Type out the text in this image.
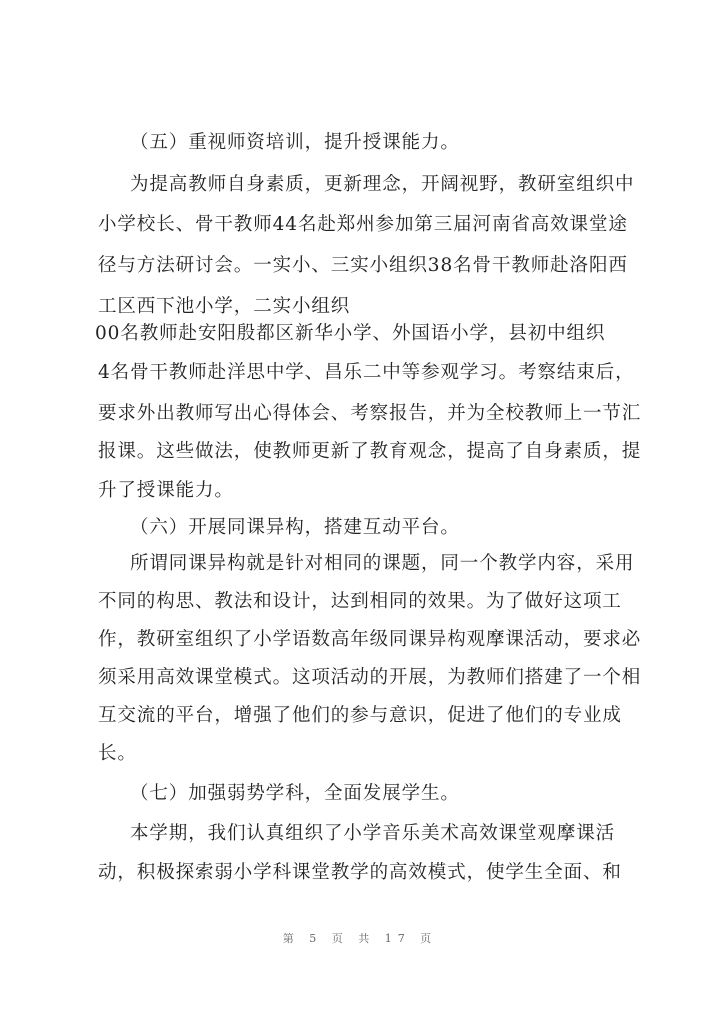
（五）重视师资培训，提升授课能力。
为提高教师自身素质，更新理念，开阔视野，教研室组织中
小学校长、骨干教师44名赴郑州参加第三届河南省高效课堂途
径与方法研讨会。一实小、三实小组织38名骨干教师赴洛阳西
工区西下池小学，二实小组织
00名教师赴安阳殷都区新华小学、外国语小学，县初中组织
4名骨干教师赴洋思中学、昌乐二中等参观学习。考察结束后，
要求外出教师写出心得体会、考察报告，并为全校教师上一节汇
报课。这些做法，使教师更新了教育观念，提高了自身素质，提
升了授课能力。
（六）开展同课异构，搭建互动平台。
所谓同课异构就是针对相同的课题，同一个教学内容，采用
不同的构思、教法和设计，达到相同的效果。为了做好这项工
作，教研室组织了小学语数高年级同课异构观摩课活动，要求必
须采用高效课堂模式。这项活动的开展，为教师们搭建了一个相
互交流的平台，增强了他们的参与意识，促进了他们的专业成
长。
（七）加强弱势学科，全面发展学生。
本学期，我们认真组织了小学音乐美术高效课堂观摩课活
动，积极探索弱小学科课堂教学的高效模式，使学生全面、和
第 5 页 共 17 页
